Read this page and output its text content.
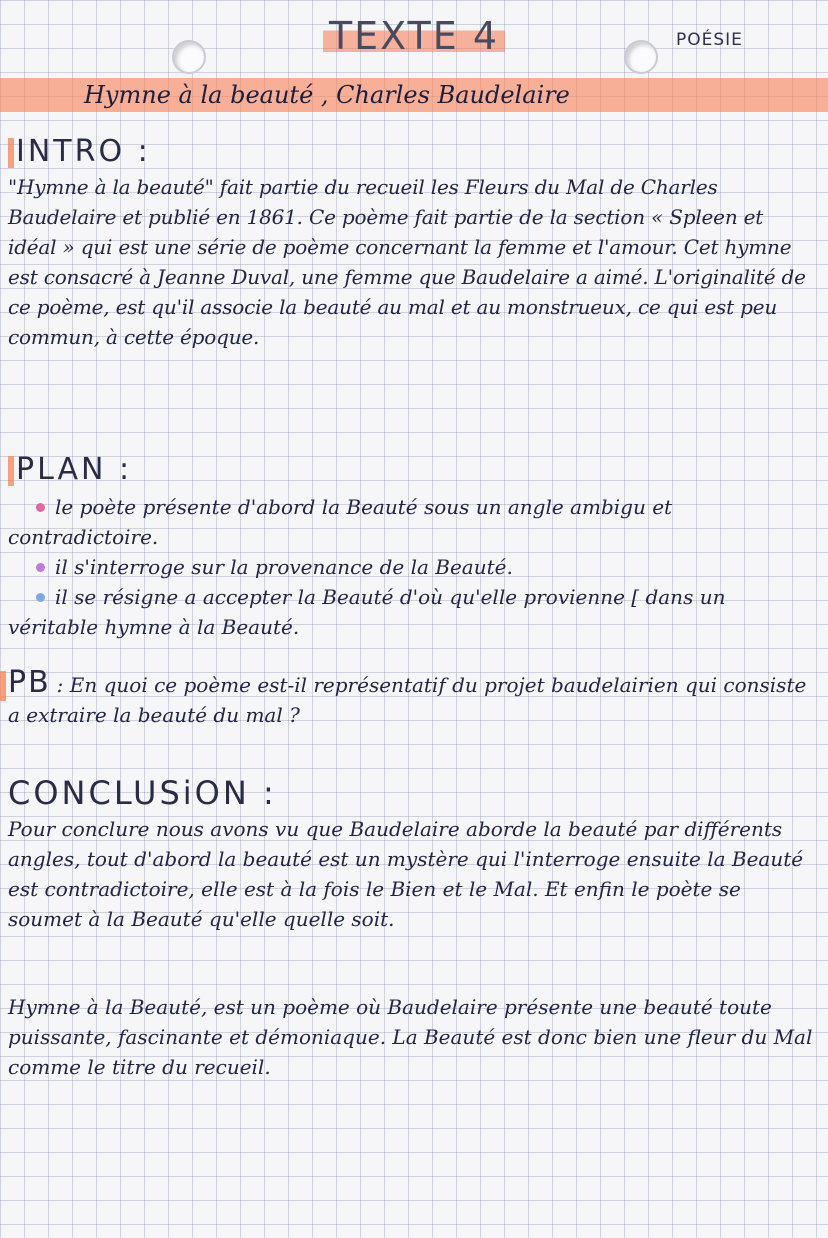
TEXTE 4	POÉSIE
Hymne à la beauté , Charles Baudelaire
INTRO :
"Hymne à la beauté" fait partie du recueil les Fleurs du Mal de Charles Baudelaire et publié en 1861. Ce poème fait partie de la section « Spleen et idéal » qui est une série de poème concernant la femme et l'amour. Cet hymne est consacré à Jeanne Duval, une femme que Baudelaire a aimé. L'originalité de ce poème, est qu'il associe la beauté au mal et au monstrueux, ce qui est peu commun, à cette époque.
PLAN :
le poète présente d'abord la Beauté sous un angle ambigu et contradictoire.
il s'interroge sur la provenance de la Beauté.
il se résigne a accepter la Beauté d'où qu'elle provienne [ dans un véritable hymne à la Beauté.
PB : En quoi ce poème est-il représentatif du projet baudelairien qui consiste a extraire la beauté du mal ?
CONCLUSiON :
Pour conclure nous avons vu que Baudelaire aborde la beauté par différents angles, tout d'abord la beauté est un mystère qui l'interroge ensuite la Beauté est contradictoire, elle est à la fois le Bien et le Mal. Et enfin le poète se soumet à la Beauté qu'elle quelle soit.
Hymne à la Beauté, est un poème où Baudelaire présente une beauté toute puissante, fascinante et démoniaque. La Beauté est donc bien une fleur du Mal comme le titre du recueil.
